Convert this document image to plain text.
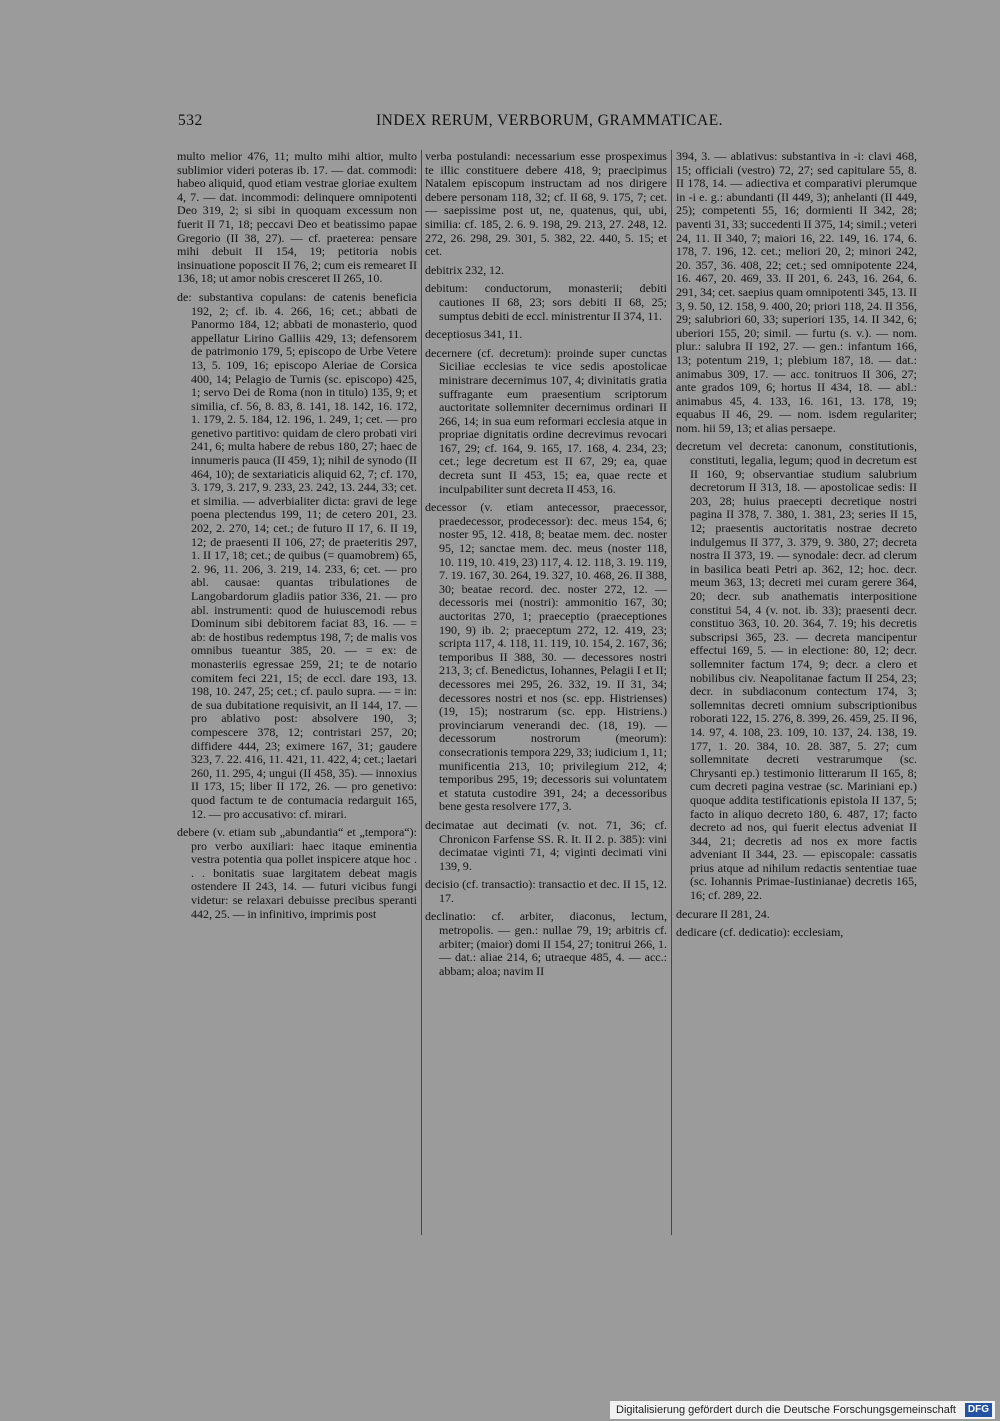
532	INDEX RERUM, VERBORUM, GRAMMATICAE.

multo melior 476, 11; multo mihi altior, multo sublimior videri poteras ib. 17. — dat. commodi: habeo aliquid, quod etiam vestrae gloriae exultem 4, 7. — dat. incommodi: delinquere omnipotenti Deo 319, 2; si sibi in quoquam excessum non fuerit II 71, 18; peccavi Deo et beatissimo papae Gregorio (II 38, 27). — cf. praeterea: pensare mihi debuit II 154, 19; petitoria nobis insinuatione poposcit II 76, 2; cum eis remearet II 136, 18; ut amor nobis cresceret II 265, 10.

de: substantiva copulans: de catenis beneficia 192, 2; cf. ib. 4. 266, 16; cet.; abbati de Panormo 184, 12; abbati de monasterio, quod appellatur Lirino Galliis 429, 13; defensorem de patrimonio 179, 5; episcopo de Urbe Vetere 13, 5. 109, 16; episcopo Aleriae de Corsica 400, 14; Pelagio de Turnis (sc. episcopo) 425, 1; servo Dei de Roma (non in titulo) 135, 9; et similia, cf. 56, 8. 83, 8. 141, 18. 142, 16. 172, 1. 179, 2. 5. 184, 12. 196, 1. 249, 1; cet. — pro genetivo partitivo: quidam de clero probati viri 241, 6; multa habere de rebus 180, 27; haec de innumeris pauca (II 459, 1); nihil de synodo (II 464, 10); de sextariaticis aliquid 62, 7; cf. 170, 3. 179, 3. 217, 9. 233, 23. 242, 13. 244, 33; cet. et similia. — adverbialiter dicta: gravi de lege poena plectendus 199, 11; de cetero 201, 23. 202, 2. 270, 14; cet.; de futuro II 17, 6. II 19, 12; de praesenti II 106, 27; de praeteritis 297, 1. II 17, 18; cet.; de quibus (= quamobrem) 65, 2. 96, 11. 206, 3. 219, 14. 233, 6; cet. — pro abl. causae: quantas tribulationes de Langobardorum gladiis patior 336, 21. — pro abl. instrumenti: quod de huiuscemodi rebus Dominum sibi debitorem faciat 83, 16. — = ab: de hostibus redemptus 198, 7; de malis vos omnibus tueantur 385, 20. — = ex: de monasteriis egressae 259, 21; te de notario comitem feci 221, 15; de eccl. dare 193, 13. 198, 10. 247, 25; cet.; cf. paulo supra. — = in: de sua dubitatione requisivit, an II 144, 17. — pro ablativo post: absolvere 190, 3; compescere 378, 12; contristari 257, 20; diffidere 444, 23; eximere 167, 31; gaudere 323, 7. 22. 416, 11. 421, 11. 422, 4; cet.; laetari 260, 11. 295, 4; ungui (II 458, 35). — innoxius II 173, 15; liber II 172, 26. — pro genetivo: quod factum te de contumacia redarguit 165, 12. — pro accusativo: cf. mirari.

debere (v. etiam sub „abundantia“ et „tempora“): pro verbo auxiliari: haec itaque eminentia vestra potentia qua pollet inspicere atque hoc . . . bonitatis suae largitatem debeat magis ostendere II 243, 14. — futuri vicibus fungi videtur: se relaxari debuisse precibus speranti 442, 25. — in infinitivo, imprimis post

verba postulandi: necessarium esse prospeximus te illic constituere debere 418, 9; praecipimus Natalem episcopum instructam ad nos dirigere debere personam 118, 32; cf. II 68, 9. 175, 7; cet. — saepissime post ut, ne, quatenus, qui, ubi, similia: cf. 185, 2. 6. 9. 198, 29. 213, 27. 248, 12. 272, 26. 298, 29. 301, 5. 382, 22. 440, 5. 15; et cet.

debitrix 232, 12.

debitum: conductorum, monasterii; debiti cautiones II 68, 23; sors debiti II 68, 25; sumptus debiti de eccl. ministrentur II 374, 11.

deceptiosus 341, 11.

decernere (cf. decretum): proinde super cunctas Siciliae ecclesias te vice sedis apostolicae ministrare decernimus 107, 4; divinitatis gratia suffragante eum praesentium scriptorum auctoritate sollemniter decernimus ordinari II 266, 14; in sua eum reformari ecclesia atque in propriae dignitatis ordine decrevimus revocari 167, 29; cf. 164, 9. 165, 17. 168, 4. 234, 23; cet.; lege decretum est II 67, 29; ea, quae decreta sunt II 453, 15; ea, quae recte et inculpabiliter sunt decreta II 453, 16.

decessor (v. etiam antecessor, praecessor, praedecessor, prodecessor): dec. meus 154, 6; noster 95, 12. 418, 8; beatae mem. dec. noster 95, 12; sanctae mem. dec. meus (noster 118, 10. 119, 10. 419, 23) 117, 4. 12. 118, 3. 19. 119, 7. 19. 167, 30. 264, 19. 327, 10. 468, 26. II 388, 30; beatae record. dec. noster 272, 12. — decessoris mei (nostri): ammonitio 167, 30; auctoritas 270, 1; praeceptio (praeceptiones 190, 9) ib. 2; praeceptum 272, 12. 419, 23; scripta 117, 4. 118, 11. 119, 10. 154, 2. 167, 36; temporibus II 388, 30. — decessores nostri 213, 3; cf. Benedictus, Iohannes, Pelagii I et II; decessores mei 295, 26. 332, 19. II 31, 34; decessores nostri et nos (sc. epp. Histrienses) (19, 15); nostrarum (sc. epp. Histriens.) provinciarum venerandi dec. (18, 19). — decessorum nostrorum (meorum): consecrationis tempora 229, 33; iudicium 1, 11; munificentia 213, 10; privilegium 212, 4; temporibus 295, 19; decessoris sui voluntatem et statuta custodire 391, 24; a decessoribus bene gesta resolvere 177, 3.

decimatae aut decimati (v. not. 71, 36; cf. Chronicon Farfense SS. R. It. II 2. p. 385): vini decimatae viginti 71, 4; viginti decimati vini 139, 9.

decisio (cf. transactio): transactio et dec. II 15, 12. 17.

declinatio: cf. arbiter, diaconus, lectum, metropolis. — gen.: nullae 79, 19; arbitris cf. arbiter; (maior) domi II 154, 27; tonitrui 266, 1. — dat.: aliae 214, 6; utraeque 485, 4. — acc.: abbam; aloa; navim II

394, 3. — ablativus: substantiva in -i: clavi 468, 15; officiali (vestro) 72, 27; sed capitulare 55, 8. II 178, 14. — adiectiva et comparativi plerumque in -i e. g.: abundanti (II 449, 3); anhelanti (II 449, 25); competenti 55, 16; dormienti II 342, 28; paventi 31, 33; succedenti II 375, 14; simil.; veteri 24, 11. II 340, 7; maiori 16, 22. 149, 16. 174, 6. 178, 7. 196, 12. cet.; meliori 20, 2; minori 242, 20. 357, 36. 408, 22; cet.; sed omnipotente 224, 16. 467, 20. 469, 33. II 201, 6. 243, 16. 264, 6. 291, 34; cet. saepius quam omnipotenti 345, 13. II 3, 9. 50, 12. 158, 9. 400, 20; priori 118, 24. II 356, 29; salubriori 60, 33; superiori 135, 14. II 342, 6; uberiori 155, 20; simil. — furtu (s. v.). — nom. plur.: salubra II 192, 27. — gen.: infantum 166, 13; potentum 219, 1; plebium 187, 18. — dat.: animabus 309, 17. — acc. tonitruos II 306, 27; ante grados 109, 6; hortus II 434, 18. — abl.: animabus 45, 4. 133, 16. 161, 13. 178, 19; equabus II 46, 29. — nom. isdem regulariter; nom. hii 59, 13; et alias persaepe.

decretum vel decreta: canonum, constitutionis, constituti, legalia, legum; quod in decretum est II 160, 9; observantiae studium salubrium decretorum II 313, 18. — apostolicae sedis: II 203, 28; huius praecepti decretique nostri pagina II 378, 7. 380, 1. 381, 23; series II 15, 12; praesentis auctoritatis nostrae decreto indulgemus II 377, 3. 379, 9. 380, 27; decreta nostra II 373, 19. — synodale: decr. ad clerum in basilica beati Petri ap. 362, 12; hoc. decr. meum 363, 13; decreti mei curam gerere 364, 20; decr. sub anathematis interpositione constitui 54, 4 (v. not. ib. 33); praesenti decr. constituo 363, 10. 20. 364, 7. 19; his decretis subscripsi 365, 23. — decreta mancipentur effectui 169, 5. — in electione: 80, 12; decr. sollemniter factum 174, 9; decr. a clero et nobilibus civ. Neapolitanae factum II 254, 23; decr. in subdiaconum contectum 174, 3; sollemnitas decreti omnium subscriptionibus roborati 122, 15. 276, 8. 399, 26. 459, 25. II 96, 14. 97, 4. 108, 23. 109, 10. 137, 24. 138, 19. 177, 1. 20. 384, 10. 28. 387, 5. 27; cum sollemnitate decreti vestrarumque (sc. Chrysanti ep.) testimonio litterarum II 165, 8; cum decreti pagina vestrae (sc. Mariniani ep.) quoque addita testificationis epistola II 137, 5; facto in aliquo decreto 180, 6. 487, 17; facto decreto ad nos, qui fuerit electus adveniat II 344, 21; decretis ad nos ex more factis adveniant II 344, 23. — episcopale: cassatis prius atque ad nihilum redactis sententiae tuae (sc. Iohannis Primae-Iustinianae) decretis 165, 16; cf. 289, 22.

decurare II 281, 24.

dedicare (cf. dedicatio): ecclesiam,

Digitalisierung gefördert durch die Deutsche Forschungsgemeinschaft	DFG
